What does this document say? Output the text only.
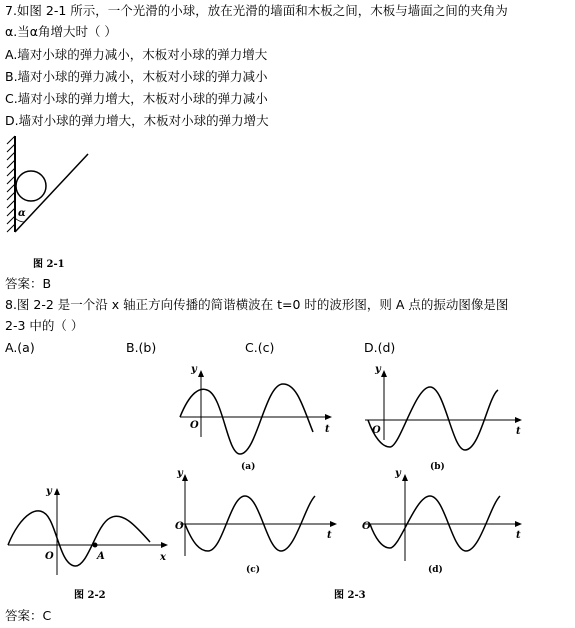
7.如图 2-1 所示，一个光滑的小球，放在光滑的墙面和木板之间，木板与墙面之间的夹角为
α.当α角增大时（ ）
A.墙对小球的弹力减小，木板对小球的弹力增大
B.墙对小球的弹力减小，木板对小球的弹力减小
C.墙对小球的弹力增大，木板对小球的弹力减小
D.墙对小球的弹力增大，木板对小球的弹力增大
α
图 2-1
答案：B
8.图 2-2 是一个沿 x 轴正方向传播的简谐横波在 t=0 时的波形图，则 A 点的振动图像是图
2-3 中的（ ）
A.(a)	B.(b)	C.(c)	D.(d)
y
x
O	A
图 2-2
y
t
O
(a)
y
t
O
(b)
y
t
O
(c)
y
t
O
(d)
图 2-3
答案：C
